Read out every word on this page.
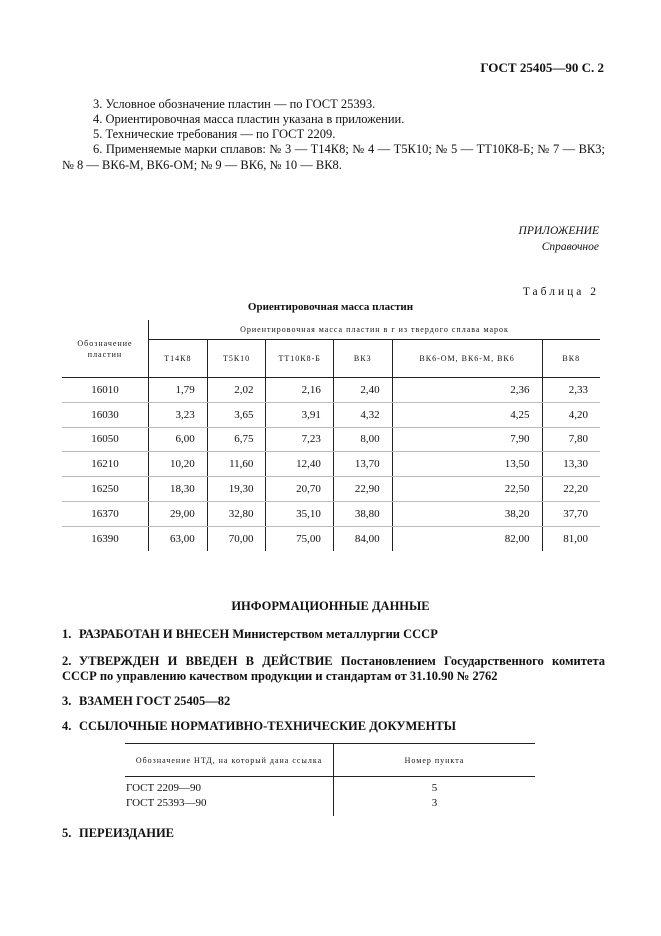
ГОСТ 25405—90 С. 2
3. Условное обозначение пластин — по ГОСТ 25393.
4. Ориентировочная масса пластин указана в приложении.
5. Технические требования — по ГОСТ 2209.
6. Применяемые марки сплавов: № 3 — Т14К8; № 4 — Т5К10; № 5 — ТТ10К8-Б; № 7 — ВК3; № 8 — ВК6-М, ВК6-ОМ; № 9 — ВК6, № 10 — ВК8.
ПРИЛОЖЕНИЕ
Справочное
Таблица 2
Ориентировочная масса пластин
Обозначение пластин	Ориентировочная масса пластин в г из твердого сплава марок					
	Т14К8	Т5К10	ТТ10К8-Б	ВК3	ВК6-ОМ, ВК6-М, ВК6	ВК8
16010	1,79	2,02	2,16	2,40	2,36	2,33
16030	3,23	3,65	3,91	4,32	4,25	4,20
16050	6,00	6,75	7,23	8,00	7,90	7,80
16210	10,20	11,60	12,40	13,70	13,50	13,30
16250	18,30	19,30	20,70	22,90	22,50	22,20
16370	29,00	32,80	35,10	38,80	38,20	37,70
16390	63,00	70,00	75,00	84,00	82,00	81,00
ИНФОРМАЦИОННЫЕ ДАННЫЕ
1. РАЗРАБОТАН И ВНЕСЕН Министерством металлургии СССР
2. УТВЕРЖДЕН И ВВЕДЕН В ДЕЙСТВИЕ Постановлением Государственного комитета СССР по управлению качеством продукции и стандартам от 31.10.90 № 2762
3. ВЗАМЕН ГОСТ 25405—82
4. ССЫЛОЧНЫЕ НОРМАТИВНО-ТЕХНИЧЕСКИЕ ДОКУМЕНТЫ
Обозначение НТД, на который дана ссылка	Номер пункта
ГОСТ 2209—90	5
ГОСТ 25393—90	3
5. ПЕРЕИЗДАНИЕ
